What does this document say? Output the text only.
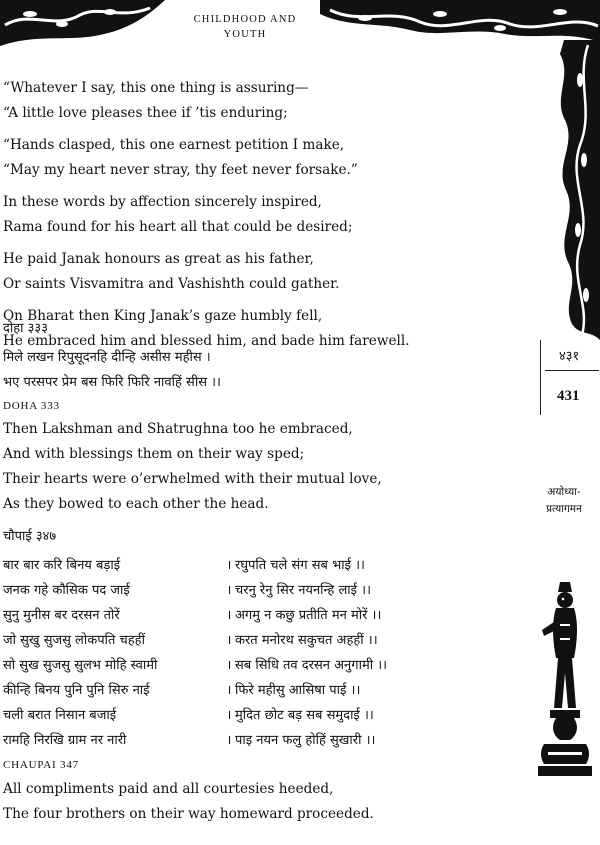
CHILDHOOD AND
YOUTH

“Whatever I say, this one thing is assuring—

“A little love pleases thee if ’tis enduring;

“Hands clasped, this one earnest petition I make,

“May my heart never stray, thy feet never forsake.”

In these words by affection sincerely inspired,

Rama found for his heart all that could be desired;

He paid Janak honours as great as his father,

Or saints Visvamitra and Vashishth could gather.

On Bharat then King Janak’s gaze humbly fell,

He embraced him and blessed him, and bade him farewell.

दोहा ३३३

मिले लखन रिपुसूदनहि दीन्हि असीस महीस ।

भए परसपर प्रेम बस फिरि फिरि नावहिं सीस ।।

DOHA 333

Then Lakshman and Shatrughna too he embraced,

And with blessings them on their way sped;

Their hearts were o’erwhelmed with their mutual love,

As they bowed to each other the head.

चौपाई ३४७

बार बार करि बिनय बड़ाई	। रघुपति चले संग सब भाई ।।
जनक गहे कौसिक पद जाई	। चरनु रेनु सिर नयनन्हि लाई ।।
सुनु मुनीस बर दरसन तोरें	। अगमु न कछु प्रतीति मन मोरें ।।
जो सुखु सुजसु लोकपति चहहीं	। करत मनोरथ सकुचत अहहीं ।।
सो सुख सुजसु सुलभ मोहि स्वामी	। सब सिधि तव दरसन अनुगामी ।।
कीन्हि बिनय पुनि पुनि सिरु नाई	। फिरे महीसु आसिषा पाई ।।
चली बरात निसान बजाई	। मुदित छोट बड़ सब समुदाई ।।
रामहि निरखि ग्राम नर नारी	। पाइ नयन फलु होहिं सुखारी ।।

CHAUPAI 347

All compliments paid and all courtesies heeded,

The four brothers on their way homeward proceeded.

४३१
431
अयोध्या-
प्रत्यागमन
